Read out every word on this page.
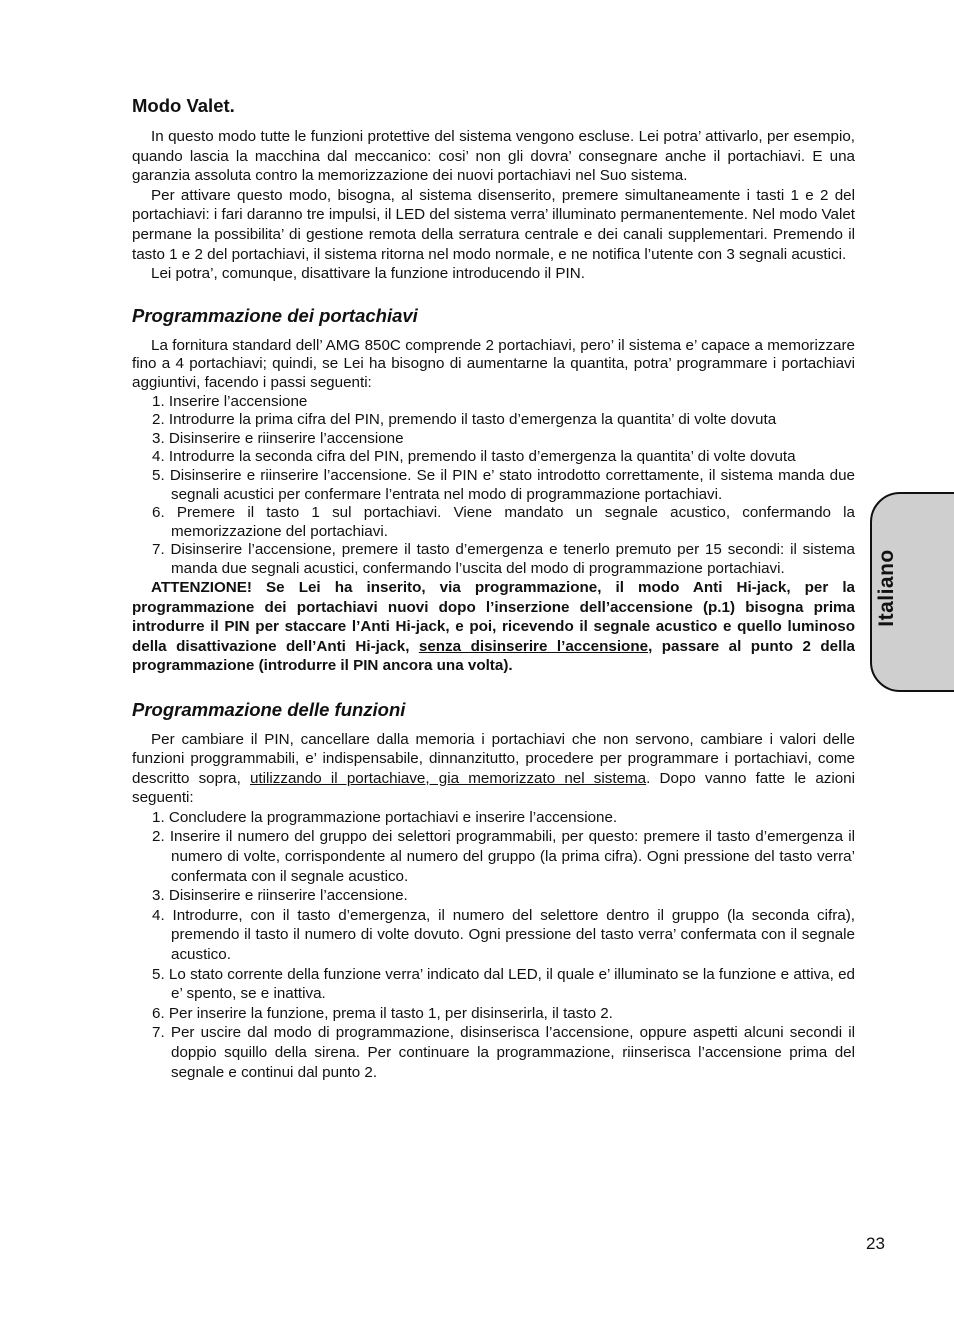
Italiano
Modo Valet.

In questo modo tutte le funzioni protettive del sistema vengono escluse. Lei potra’ attivarlo, per esempio, quando lascia la macchina dal meccanico: cosi’ non gli dovra’ consegnare anche il portachiavi. E una garanzia assoluta contro la memorizzazione dei nuovi portachiavi nel Suo sistema.

Per attivare questo modo, bisogna, al sistema disenserito, premere simultaneamente i tasti 1 e 2 del portachiavi: i fari daranno tre impulsi, il LED del sistema verra’ illuminato permanentemente. Nel modo Valet permane la possibilita’ di gestione remota della serratura centrale e dei canali supplementari. Premendo il tasto 1 e 2 del portachiavi, il sistema ritorna nel modo normale, e ne notifica l’utente con 3 segnali acustici.

Lei potra’, comunque, disattivare la funzione introducendo il PIN.

Programmazione dei portachiavi

La fornitura standard dell’ AMG 850C comprende 2 portachiavi, pero’ il sistema e’ capace a memorizzare fino a 4 portachiavi; quindi, se Lei ha bisogno di aumentarne la quantita, potra’ programmare i portachiavi aggiuntivi, facendo i passi seguenti:

1. Inserire l’accensione
2. Introdurre la prima cifra del PIN, premendo il tasto d’emergenza la quantita’ di volte dovuta
3. Disinserire e riinserire l’accensione
4. Introdurre la seconda cifra del PIN, premendo il tasto d’emergenza la quantita’ di volte dovuta
5. Disinserire e riinserire l’accensione. Se il PIN e’ stato introdotto correttamente, il sistema manda due segnali acustici per confermare l’entrata nel modo di programmazione portachiavi.
6. Premere il tasto 1 sul portachiavi. Viene mandato un segnale acustico, confermando la memorizzazione del portachiavi.
7. Disinserire l’accensione, premere il tasto d’emergenza e tenerlo premuto per 15 secondi: il sistema manda due segnali acustici, confermando l’uscita del modo di programmazione portachiavi.

ATTENZIONE! Se Lei ha inserito, via programmazione, il modo Anti Hi-jack, per la programmazione dei portachiavi nuovi dopo l’inserzione dell’accensione (p.1) bisogna prima introdurre il PIN per staccare l’Anti Hi-jack, e poi, ricevendo il segnale acustico e quello luminoso della disattivazione dell’Anti Hi-jack, senza disinserire l’accensione, passare al punto 2 della programmazione (introdurre il PIN ancora una volta).

Programmazione delle funzioni

Per cambiare il PIN, cancellare dalla memoria i portachiavi che non servono, cambiare i valori delle funzioni proggrammabili, e’ indispensabile, dinnanzitutto, procedere per programmare i portachiavi, come descritto sopra, utilizzando il portachiave, gia memorizzato nel sistema. Dopo vanno fatte le azioni seguenti:

1. Concludere la programmazione portachiavi e inserire l’accensione.
2. Inserire il numero del gruppo dei selettori programmabili, per questo: premere il tasto d’emergenza il numero di volte, corrispondente al numero del gruppo (la prima cifra). Ogni pressione del tasto verra’ confermata con il segnale acustico.
3. Disinserire e riinserire l’accensione.
4. Introdurre, con il tasto d’emergenza, il numero del selettore dentro il gruppo (la seconda cifra), premendo il tasto il numero di volte dovuto. Ogni pressione del tasto verra’ confermata con il segnale acustico.
5. Lo stato corrente della funzione verra’ indicato dal LED, il quale e’ illuminato se la funzione e attiva, ed e’ spento, se e inattiva.
6. Per inserire la funzione, prema il tasto 1, per disinserirla, il tasto 2.
7. Per uscire dal modo di programmazione, disinserisca l’accensione, oppure aspetti alcuni secondi il doppio squillo della sirena. Per continuare la programmazione, riinserisca l’accensione prima del segnale e continui dal punto 2.
23
